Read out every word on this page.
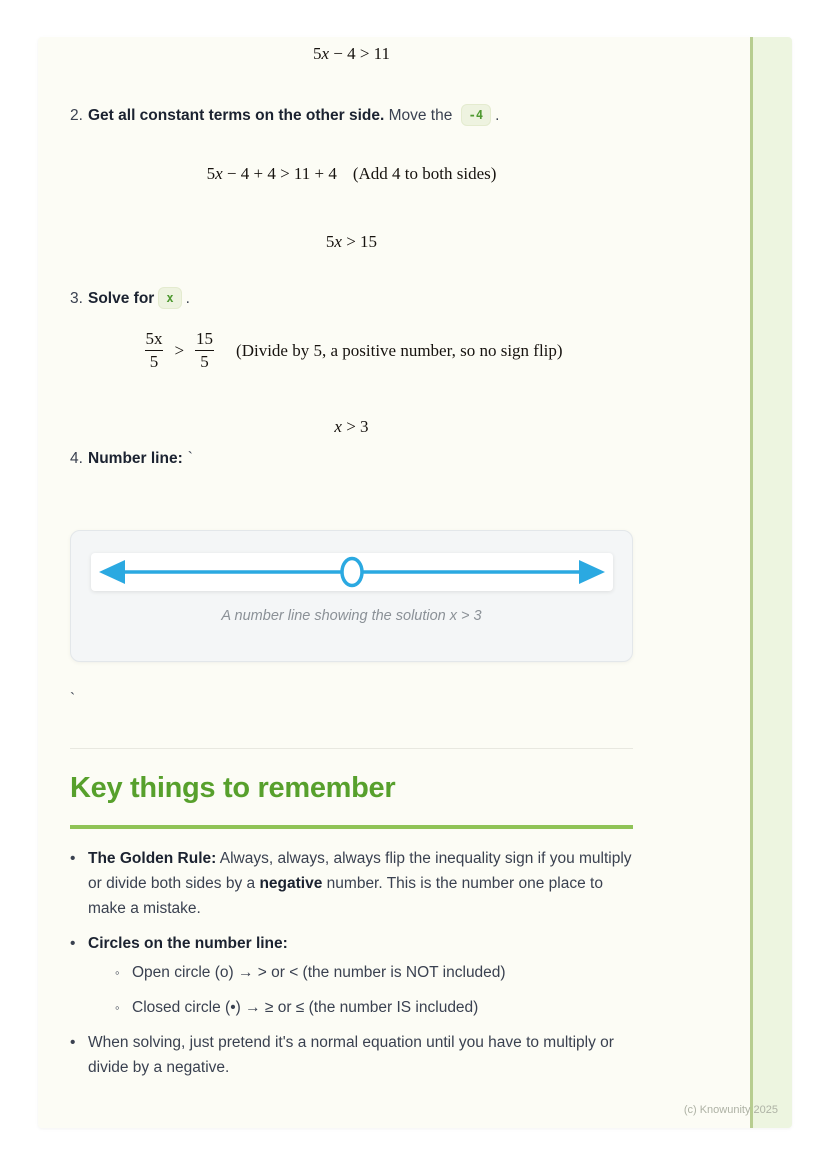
5x − 4 > 11
2. Get all constant terms on the other side. Move the -4 .
5x − 4 + 4 > 11 + 4 (Add 4 to both sides)
5x > 15
3. Solve for x .
$\frac{5x}{5} > \frac{15}{5}$ (Divide by 5, a positive number, so no sign flip)
x > 3
4. Number line: `
A number line showing the solution x > 3
`
Key things to remember
• The Golden Rule: Always, always, always flip the inequality sign if you multiply or divide both sides by a negative number. This is the number one place to make a mistake.
• Circles on the number line:
◦ Open circle (o) → > or < (the number is NOT included)
◦ Closed circle (•) → ≥ or ≤ (the number IS included)
• When solving, just pretend it's a normal equation until you have to multiply or divide by a negative.
(c) Knowunity 2025
